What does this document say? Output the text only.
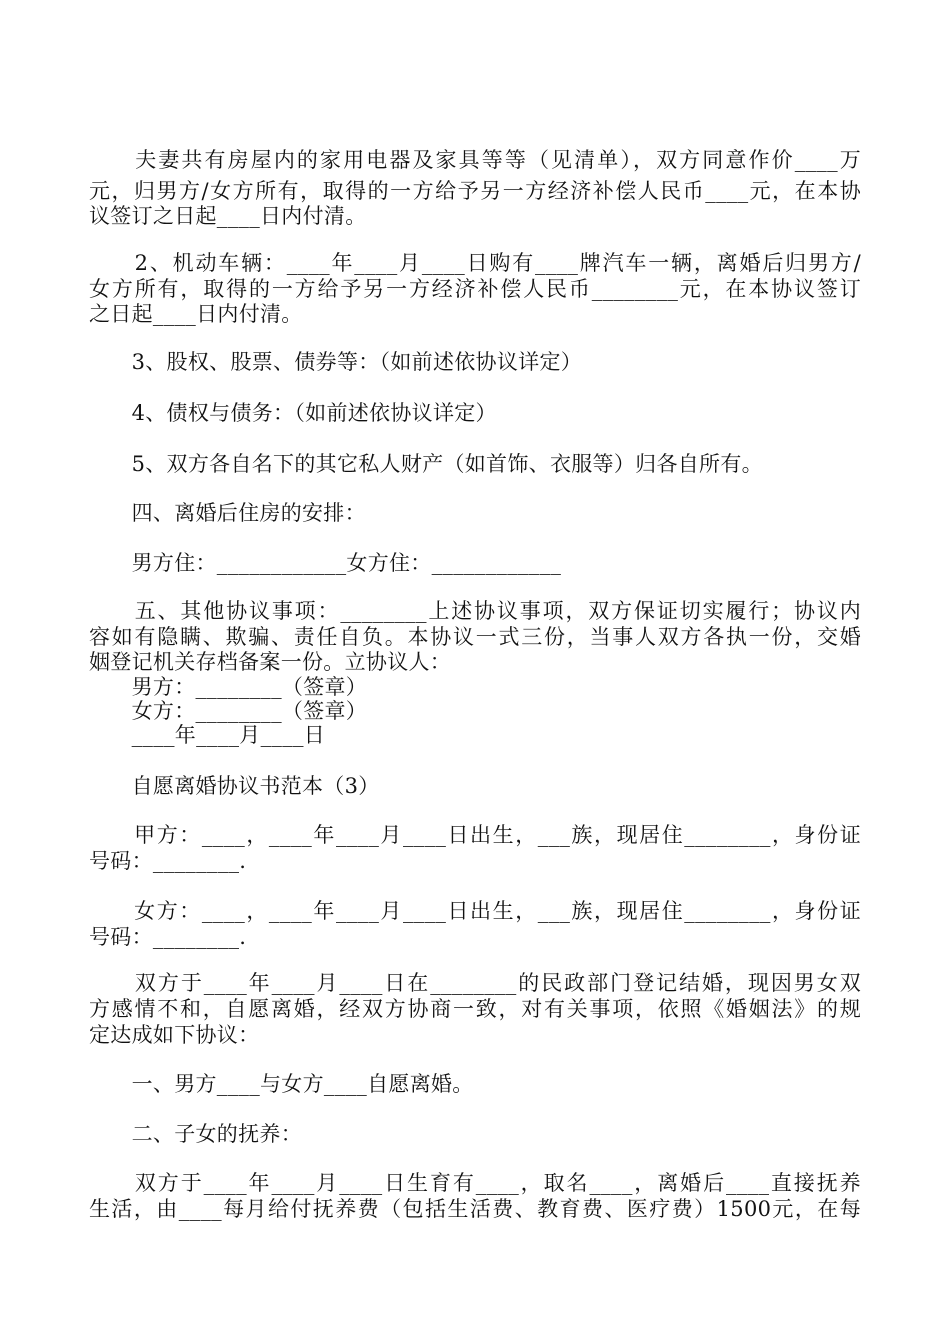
　　夫妻共有房屋内的家用电器及家具等等（见清单），双方同意作价____万
元，归男方/女方所有，取得的一方给予另一方经济补偿人民币____元，在本协
议签订之日起____日内付清。
　　2、机动车辆：____年____月____日购有____牌汽车一辆，离婚后归男方/
女方所有，取得的一方给予另一方经济补偿人民币________元，在本协议签订
之日起____日内付清。
　　3、股权、股票、债券等：（如前述依协议详定）
　　4、债权与债务：（如前述依协议详定）
　　5、双方各自名下的其它私人财产（如首饰、衣服等）归各自所有。
　　四、离婚后住房的安排：
　　男方住：____________女方住：____________
　　五、其他协议事项：________上述协议事项，双方保证切实履行；协议内
容如有隐瞒、欺骗、责任自负。本协议一式三份，当事人双方各执一份，交婚
姻登记机关存档备案一份。立协议人：
　　男方：________（签章）
　　女方：________（签章）
　　____年____月____日
　　自愿离婚协议书范本（3）
　　甲方：____，____年____月____日出生，___族，现居住________，身份证
号码：________.
　　女方：____，____年____月____日出生，___族，现居住________，身份证
号码：________.
　　双方于____年____月____日在________的民政部门登记结婚，现因男女双
方感情不和，自愿离婚，经双方协商一致，对有关事项，依照《婚姻法》的规
定达成如下协议：
　　一、男方____与女方____自愿离婚。
　　二、子女的抚养：
　　双方于____年____月____日生育有____，取名____，离婚后____直接抚养
生活，由____每月给付抚养费（包括生活费、教育费、医疗费）1500元，在每
